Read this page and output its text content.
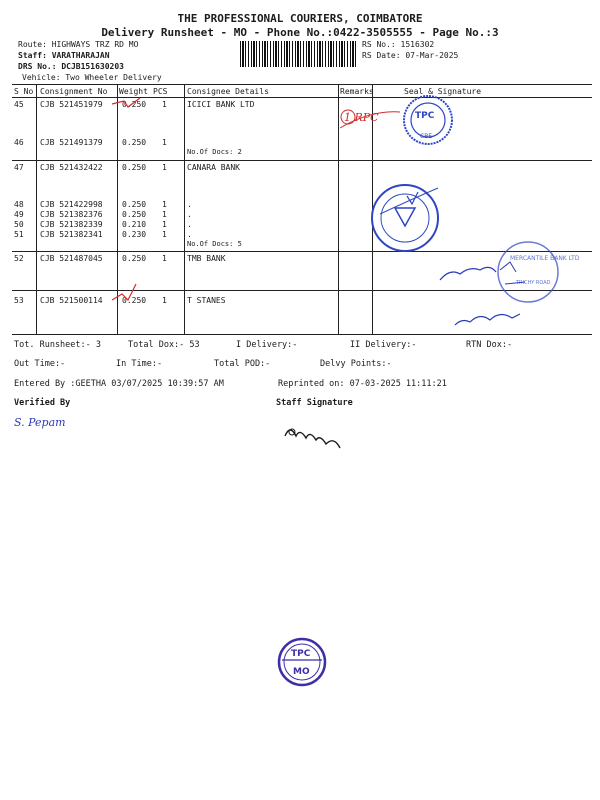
THE PROFESSIONAL COURIERS, COIMBATORE
Delivery Runsheet - MO - Phone No.:0422-3505555 - Page No.:3
Route: HIGHWAYS TRZ RD MO
Staff: VARATHARAJAN
DRS No.: DCJB151630203
Vehicle: Two Wheeler Delivery
RS No.: 1516302
RS Date: 07-Mar-2025
S No Consignment No Weight PCS Consignee Details	Remarks	Seal & Signature
45 CJB 521451979 0.250 1	ICICI BANK LTD
46 CJB 521491379 0.250 1
No.Of Docs: 2
47 CJB 521432422 0.250 1	CANARA BANK
48 CJB 521422998 0.250 1	.
49 CJB 521382376 0.250 1	.
50 CJB 521382339 0.210 1	.
51 CJB 521382341 0.230 1	.
No.Of Docs: 5
52 CJB 521487045 0.250 1	TMB BANK
53 CJB 521500114 0.250 1	T STANES
1 RPC	TPC
CBE
MERCANTILE BANK LTD
TRICHY ROAD
S. Pepam
TPC
MO
Tot. Runsheet:- 3	Total Dox:- 53	I Delivery:-	II Delivery:-	RTN Dox:-
Out Time:-	In Time:-	Total POD:-	Delvy Points:-
Entered By :GEETHA 03/07/2025 10:39:57 AM	Reprinted on: 07-03-2025 11:11:21
Verified By	Staff Signature
